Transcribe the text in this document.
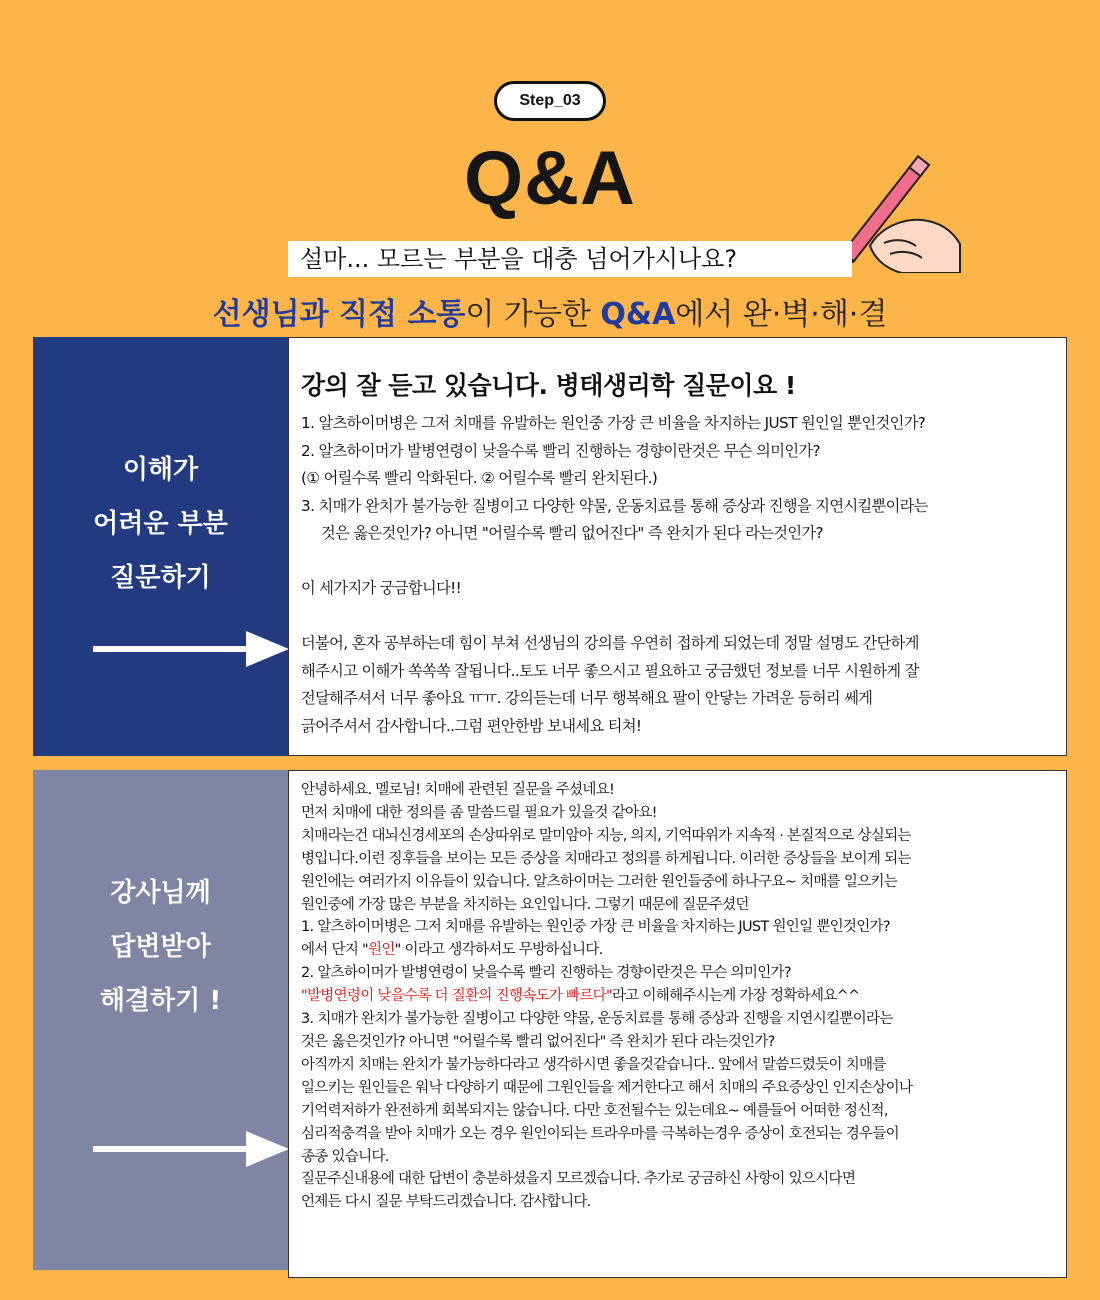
Step_03
Q&A
설마... 모르는 부분을 대충 넘어가시나요?
선생님과 직접 소통이 가능한 Q&A에서 완·벽·해·결
이해가
어려운 부분
질문하기
강의 잘 듣고 있습니다. 병태생리학 질문이요 !
1. 알츠하이머병은 그저 치매를 유발하는 원인중 가장 큰 비율을 차지하는 JUST 원인일 뿐인것인가?
2. 알츠하이머가 발병연령이 낮을수록 빨리 진행하는 경향이란것은 무슨 의미인가?
(① 어릴수록 빨리 악화된다. ② 어릴수록 빨리 완치된다.)
3. 치매가 완치가 불가능한 질병이고 다양한 약물, 운동치료를 통해 증상과 진행을 지연시킬뿐이라는
것은 옳은것인가? 아니면 "어릴수록 빨리 없어진다" 즉 완치가 된다 라는것인가?
이 세가지가 궁금합니다!!
더불어, 혼자 공부하는데 힘이 부쳐 선생님의 강의를 우연히 접하게 되었는데 정말 설명도 간단하게
해주시고 이해가 쏙쏙쏙 잘됩니다..토도 너무 좋으시고 필요하고 궁금했던 정보를 너무 시원하게 잘
전달해주셔서 너무 좋아요 ㅠㅠ. 강의듣는데 너무 행복해요 팔이 안닿는 가려운 등허리 쎄게
긁어주셔서 감사합니다..그럼 편안한밤 보내세요 티쳐!
강사님께
답변받아
해결하기 !
안녕하세요. 멜로님! 치매에 관련된 질문을 주셨네요!
먼저 치매에 대한 정의를 좀 말씀드릴 필요가 있을것 같아요!
치매라는건 대뇌신경세포의 손상따위로 말미암아 지능, 의지, 기억따위가 지속적 · 본질적으로 상실되는
병입니다.이런 징후들을 보이는 모든 증상을 치매라고 정의를 하게됩니다. 이러한 증상들을 보이게 되는
원인에는 여러가지 이유들이 있습니다. 알츠하이머는 그러한 원인들중에 하나구요~ 치매를 일으키는
원인중에 가장 많은 부분을 차지하는 요인입니다. 그렇기 때문에 질문주셨던
1. 알츠하이머병은 그저 치매를 유발하는 원인중 가장 큰 비율을 차지하는 JUST 원인일 뿐인것인가?
에서 단지 "원인" 이라고 생각하셔도 무방하십니다.
2. 알츠하이머가 발병연령이 낮을수록 빨리 진행하는 경향이란것은 무슨 의미인가?
"발병연령이 낮을수록 더 질환의 진행속도가 빠르다"라고 이해해주시는게 가장 정확하세요^^
3. 치매가 완치가 불가능한 질병이고 다양한 약물, 운동치료를 통해 증상과 진행을 지연시킬뿐이라는
것은 옳은것인가? 아니면 "어릴수록 빨리 없어진다" 즉 완치가 된다 라는것인가?
아직까지 치매는 완치가 불가능하다라고 생각하시면 좋을것같습니다.. 앞에서 말씀드렸듯이 치매를
일으키는 원인들은 워낙 다양하기 때문에 그원인들을 제거한다고 해서 치매의 주요증상인 인지손상이나
기억력저하가 완전하게 회복되지는 않습니다. 다만 호전될수는 있는데요~ 예를들어 어떠한 정신적,
심리적충격을 받아 치매가 오는 경우 원인이되는 트라우마를 극복하는경우 증상이 호전되는 경우들이
종종 있습니다.
질문주신내용에 대한 답변이 충분하셨을지 모르겠습니다. 추가로 궁금하신 사항이 있으시다면
언제든 다시 질문 부탁드리겠습니다. 감사합니다.
